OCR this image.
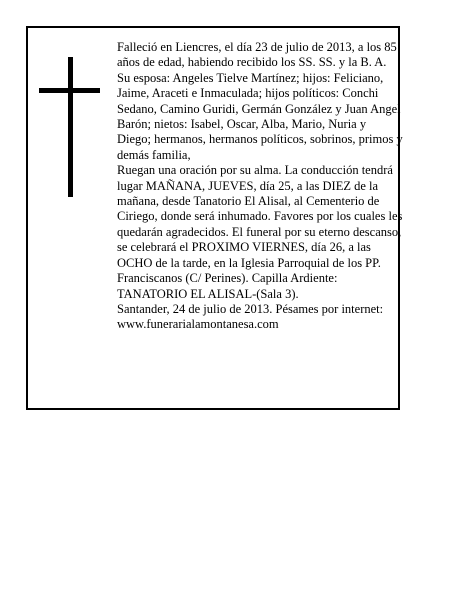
Falleció en Liencres, el día 23 de julio de 2013, a los 85 años de edad, habiendo recibido los SS. SS. y la B. A.

Su esposa: Angeles Tielve Martínez; hijos: Feliciano, Jaime, Araceti e Inmaculada; hijos políticos: Conchi Sedano, Camino Guridi, Germán González y Juan Angel Barón; nietos: Isabel, Oscar, Alba, Mario, Nuria y Diego; hermanos, hermanos políticos, sobrinos, primos y demás familia,

Ruegan una oración por su alma. La conducción tendrá lugar MAÑANA, JUEVES, día 25, a las DIEZ de la mañana, desde Tanatorio El Alisal, al Cementerio de Ciriego, donde será inhumado. Favores por los cuales les quedarán agradecidos. El funeral por su eterno descanso, se celebrará el PROXIMO VIERNES, día 26, a las OCHO de la tarde, en la Iglesia Parroquial de los PP. Franciscanos (C/ Perines). Capilla Ardiente: TANATORIO EL ALISAL-(Sala 3).

Santander, 24 de julio de 2013. Pésames por internet: www.funerarialamontanesa.com
